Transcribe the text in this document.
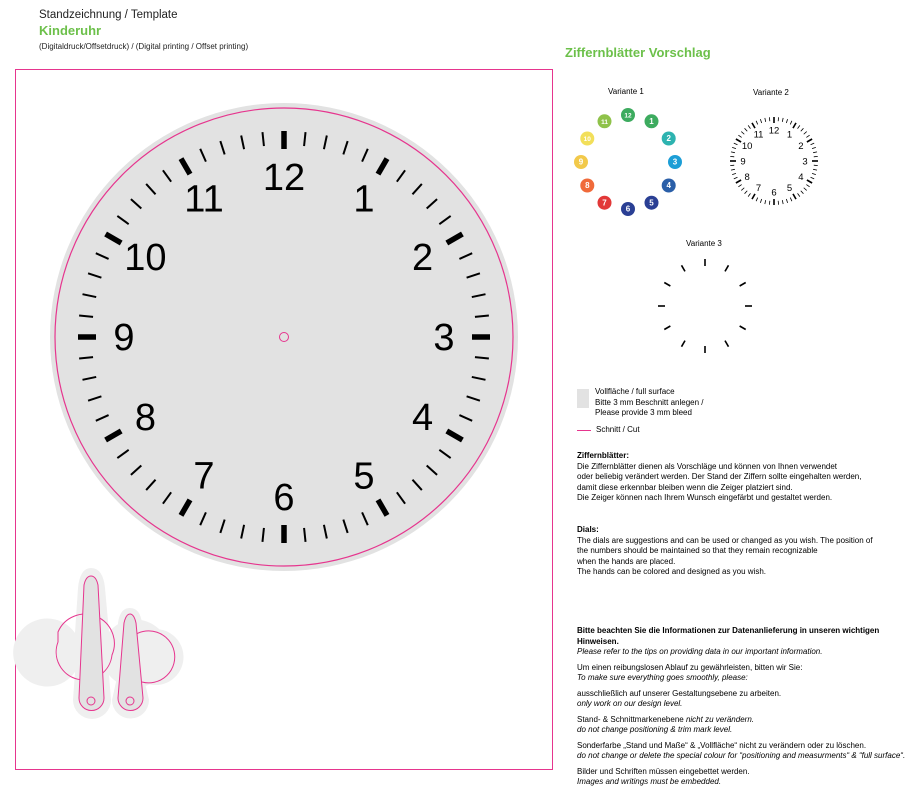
Standzeichnung / Template
Kinderuhr
(Digitaldruck/Offsetdruck) / (Digital printing / Offset printing)
12
1
2
3
4
5
6
7
8
9
10
11
Ziffernblätter Vorschlag
Variante 1	Variante 2
Variante 3
12
1
2
3
4
5
6
7
8
9
10
11
12 1
2
3
4
5
6
7
8
9
10
11
Vollfläche / full surface
Bitte 3 mm Beschnitt anlegen /
Please provide 3 mm bleed
Schnitt / Cut
Ziffernblätter:
Die Ziffernblätter dienen als Vorschläge und können von Ihnen verwendet
oder beliebig verändert werden. Der Stand der Ziffern sollte eingehalten werden,
damit diese erkennbar bleiben wenn die Zeiger platziert sind.
Die Zeiger können nach Ihrem Wunsch eingefärbt und gestaltet werden.
Dials:
The dials are suggestions and can be used or changed as you wish. The position of
the numbers should be maintained so that they remain recognizable
when the hands are placed.
The hands can be colored and designed as you wish.
Bitte beachten Sie die Informationen zur Datenanlieferung in unseren wichtigen Hinweisen.
Please refer to the tips on providing data in our important information.
Um einen reibungslosen Ablauf zu gewährleisten, bitten wir Sie:
To make sure everything goes smoothly, please:
ausschließlich auf unserer Gestaltungsebene zu arbeiten.
only work on our design level.
Stand- & Schnittmarkenebene nicht zu verändern.
do not change positioning & trim mark level.
Sonderfarbe „Stand und Maße“ & „Vollfläche“ nicht zu verändern oder zu löschen.
do not change or delete the special colour for “positioning and measurments“ & “full surface“.
Bilder und Schriften müssen eingebettet werden.
Images and writings must be embedded.
